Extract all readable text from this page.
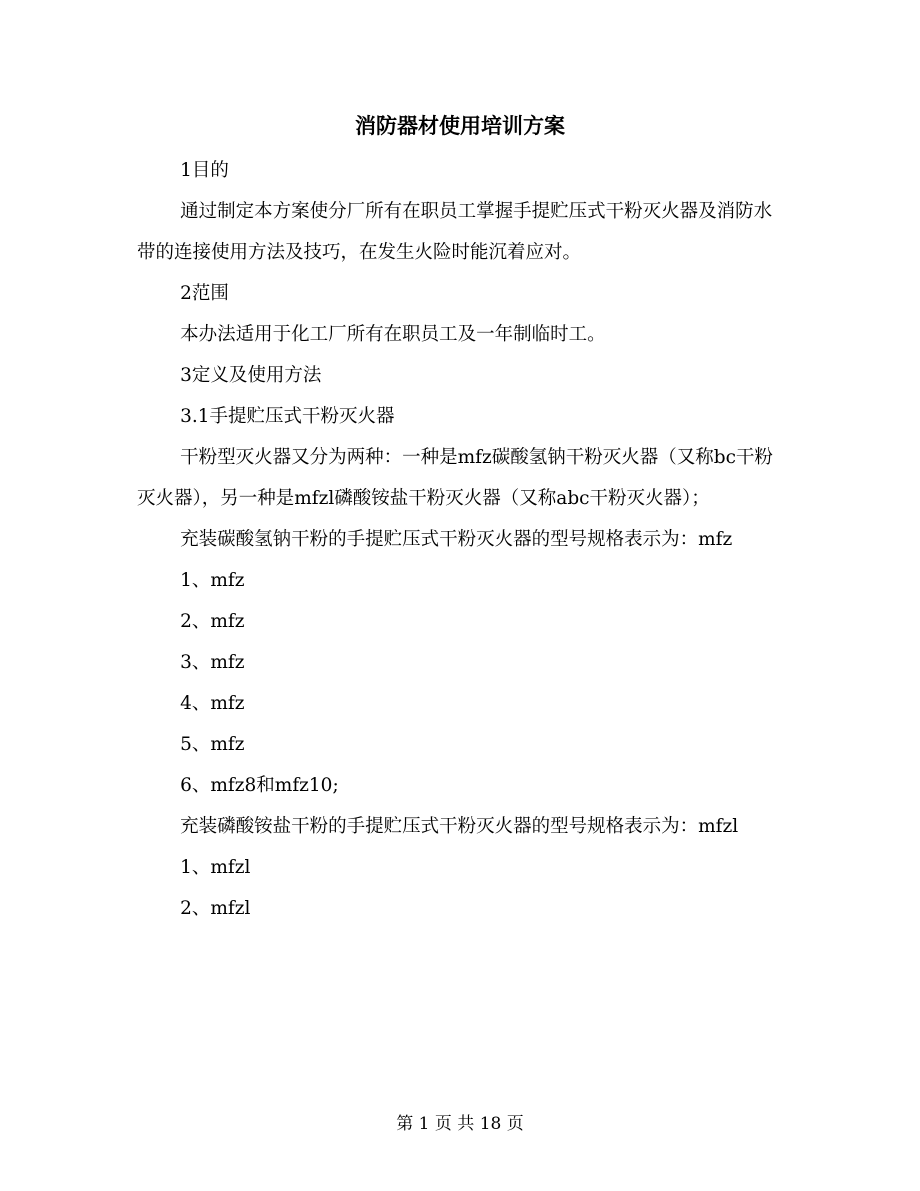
消防器材使用培训方案

1目的

通过制定本方案使分厂所有在职员工掌握手提贮压式干粉灭火器及消防水带的连接使用方法及技巧，在发生火险时能沉着应对。

2范围

本办法适用于化工厂所有在职员工及一年制临时工。

3定义及使用方法

3.1手提贮压式干粉灭火器

干粉型灭火器又分为两种：一种是mfz碳酸氢钠干粉灭火器（又称bc干粉灭火器），另一种是mfzl磷酸铵盐干粉灭火器（又称abc干粉灭火器）；

充装碳酸氢钠干粉的手提贮压式干粉灭火器的型号规格表示为：mfz

1、mfz

2、mfz

3、mfz

4、mfz

5、mfz

6、mfz8和mfz10;

充装磷酸铵盐干粉的手提贮压式干粉灭火器的型号规格表示为：mfzl

1、mfzl

2、mfzl

第 1 页 共 18 页
